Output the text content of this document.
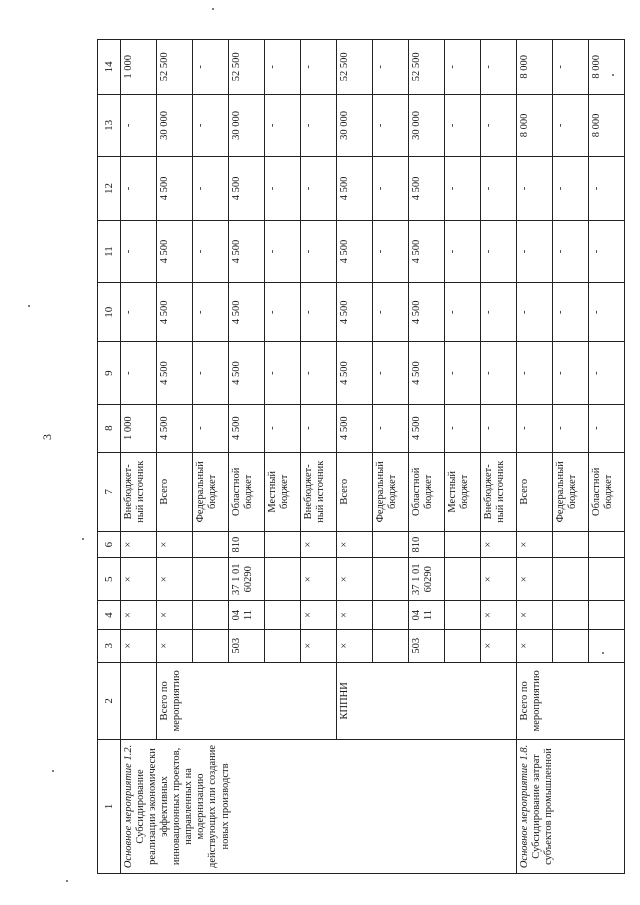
3
1	2	3	4	5	6	7	8	9	10	11	12	13	14
Основное мероприятие 1.2. Субсидирование реализации экономически эффективных инновационных проектов, направленных на модернизацию действующих или создание новых производств		×	×	×	×	Внебюджет-ный источник	1 000	-	-	-	-	-	1 000
	Всего по мероприятию	×	×	×	×	Всего	4 500	4 500	4 500	4 500	4 500	30 000	52 500
						Федеральный бюджет	-	-	-	-	-	-	-
		503	04 11	37 1 01 60290	810	Областной бюджет	4 500	4 500	4 500	4 500	4 500	30 000	52 500
						Местный бюджет	-	-	-	-	-	-	-
		×	×	×	×	Внебюджет-ный источник	-	-	-	-	-	-	-
	КППНИ	×	×	×	×	Всего	4 500	4 500	4 500	4 500	4 500	30 000	52 500
						Федеральный бюджет	-	-	-	-	-	-	-
		503	04 11	37 1 01 60290	810	Областной бюджет	4 500	4 500	4 500	4 500	4 500	30 000	52 500
						Местный бюджет	-	-	-	-	-	-	-
		×	×	×	×	Внебюджет-ный источник	-	-	-	-	-	-	-
Основное мероприятие 1.8. Субсидирование затрат субъектов промышленной	Всего по мероприятию	×	×	×	×	Всего	-	-	-	-	-	8 000	8 000
						Федеральный бюджет	-	-	-	-	-	-	-
						Областной бюджет	-	-	-	-	-	8 000	8 000
